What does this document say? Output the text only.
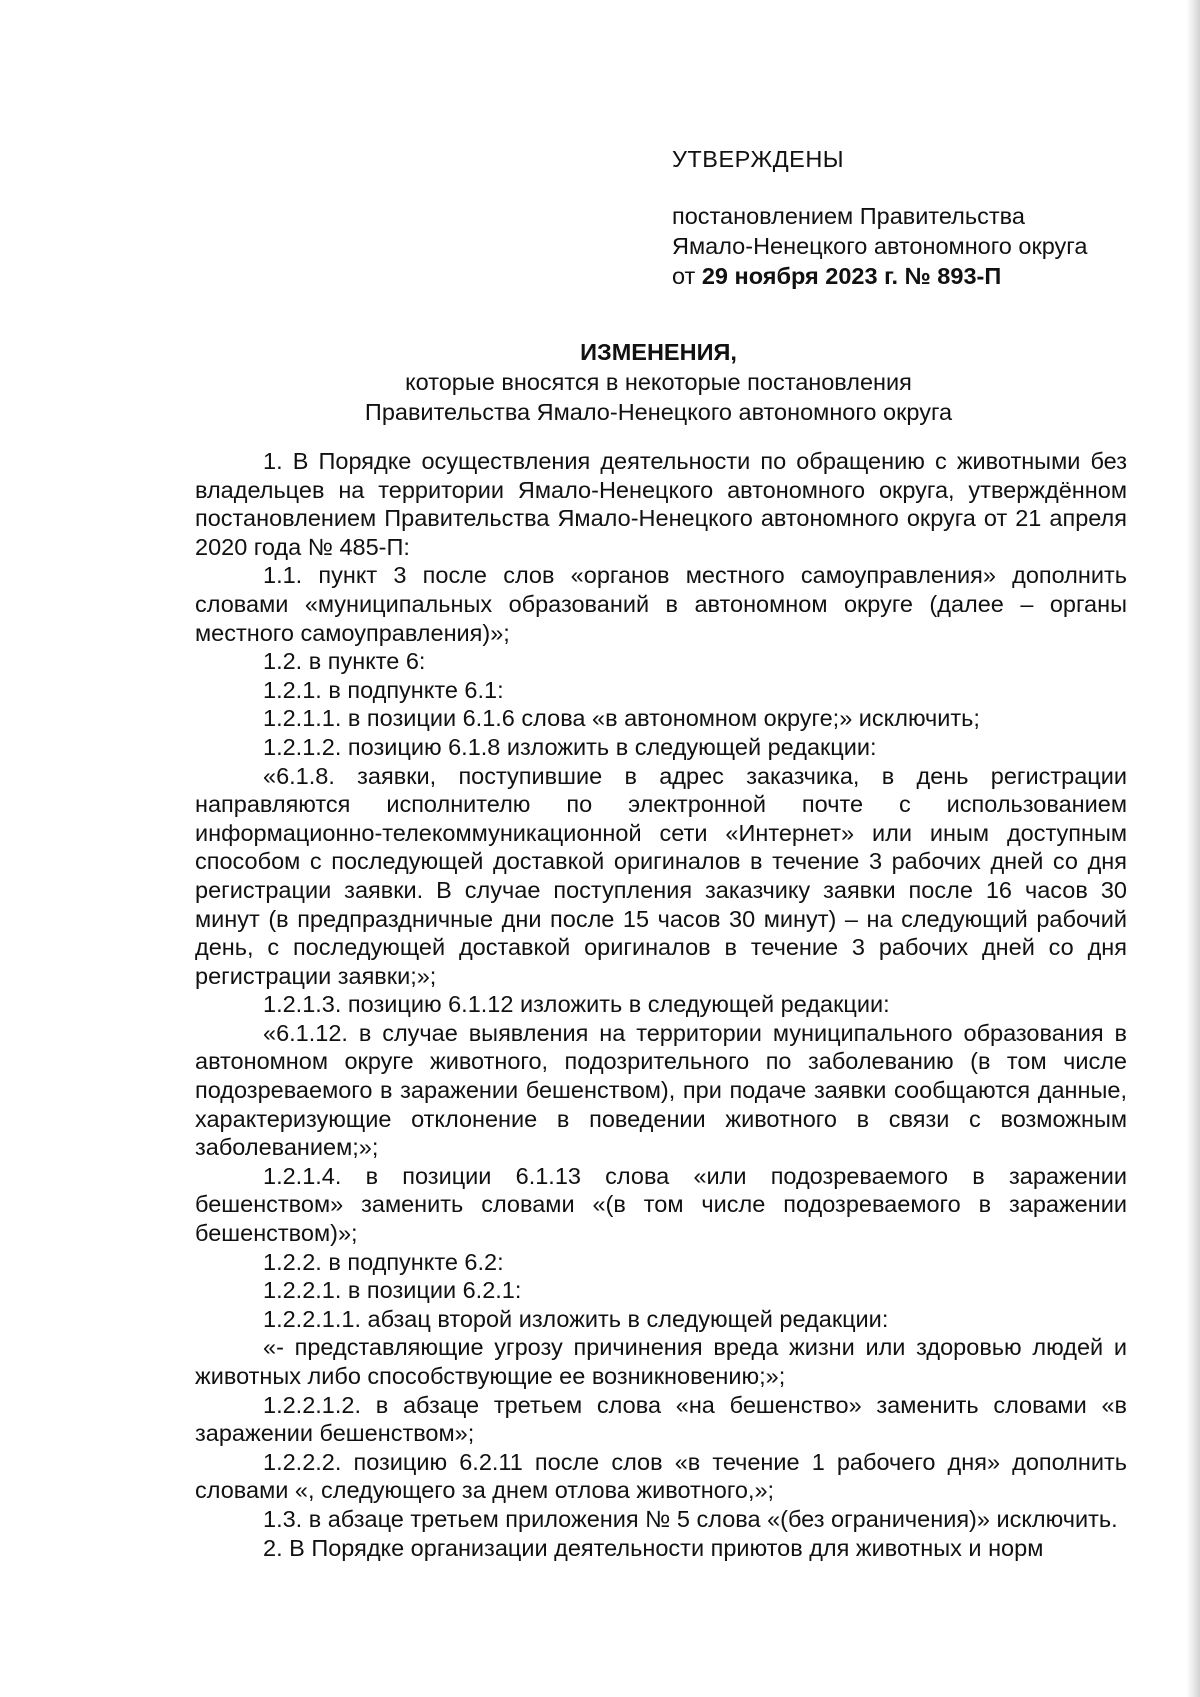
УТВЕРЖДЕНЫ
постановлением Правительства
Ямало-Ненецкого автономного округа
от 29 ноября 2023 г. № 893-П
ИЗМЕНЕНИЯ,
которые вносятся в некоторые постановления
Правительства Ямало-Ненецкого автономного округа

1. В Порядке осуществления деятельности по обращению с животными без владельцев на территории Ямало-Ненецкого автономного округа, утверждённом постановлением Правительства Ямало-Ненецкого автономного округа от 21 апреля 2020 года № 485-П:

1.1. пункт 3 после слов «органов местного самоуправления» дополнить словами «муниципальных образований в автономном округе (далее – органы местного самоуправления)»;

1.2. в пункте 6:

1.2.1. в подпункте 6.1:

1.2.1.1. в позиции 6.1.6 слова «в автономном округе;» исключить;

1.2.1.2. позицию 6.1.8 изложить в следующей редакции:

«6.1.8. заявки, поступившие в адрес заказчика, в день регистрации направляются исполнителю по электронной почте с использованием информационно-телекоммуникационной сети «Интернет» или иным доступным способом с последующей доставкой оригиналов в течение 3 рабочих дней со дня регистрации заявки. В случае поступления заказчику заявки после 16 часов 30 минут (в предпраздничные дни после 15 часов 30 минут) – на следующий рабочий день, с последующей доставкой оригиналов в течение 3 рабочих дней со дня регистрации заявки;»;

1.2.1.3. позицию 6.1.12 изложить в следующей редакции:

«6.1.12. в случае выявления на территории муниципального образования в автономном округе животного, подозрительного по заболеванию (в том числе подозреваемого в заражении бешенством), при подаче заявки сообщаются данные, характеризующие отклонение в поведении животного в связи с возможным заболеванием;»;

1.2.1.4. в позиции 6.1.13 слова «или подозреваемого в заражении бешенством» заменить словами «(в том числе подозреваемого в заражении бешенством)»;

1.2.2. в подпункте 6.2:

1.2.2.1. в позиции 6.2.1:

1.2.2.1.1. абзац второй изложить в следующей редакции:

«- представляющие угрозу причинения вреда жизни или здоровью людей и животных либо способствующие ее возникновению;»;

1.2.2.1.2. в абзаце третьем слова «на бешенство» заменить словами «в заражении бешенством»;

1.2.2.2. позицию 6.2.11 после слов «в течение 1 рабочего дня» дополнить словами «, следующего за днем отлова животного,»;

1.3. в абзаце третьем приложения № 5 слова «(без ограничения)» исключить.

2. В Порядке организации деятельности приютов для животных и норм
